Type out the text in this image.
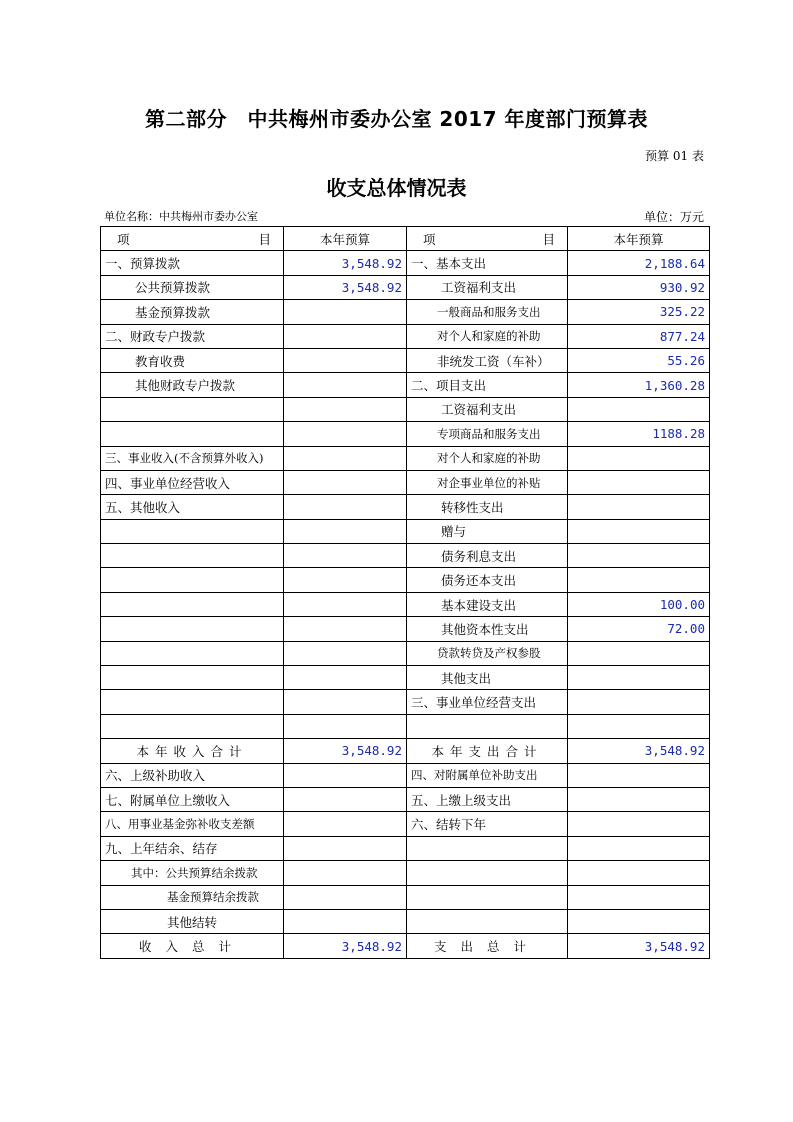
第二部分　中共梅州市委办公室 2017 年度部门预算表
预算 01 表
收支总体情况表
单位名称：中共梅州市委办公室	单位：万元
项 目	本年预算	项 目	本年预算
一、预算拨款	3,548.92	一、基本支出	2,188.64
公共预算拨款	3,548.92	工资福利支出	930.92
基金预算拨款		一般商品和服务支出	325.22
二、财政专户拨款		对个人和家庭的补助	877.24
教育收费		非统发工资（车补）	55.26
其他财政专户拨款		二、项目支出	1,360.28
		工资福利支出	
		专项商品和服务支出	1188.28
三、事业收入(不含预算外收入)		对个人和家庭的补助	
四、事业单位经营收入		对企事业单位的补贴	
五、其他收入		转移性支出	
		赠与	
		债务利息支出	
		债务还本支出	
		基本建设支出	100.00
		其他资本性支出	72.00
		贷款转贷及产权参股	
		其他支出	
		三、事业单位经营支出	

本年收入合计	3,548.92	本年支出合计	3,548.92
六、上级补助收入		四、对附属单位补助支出	
七、附属单位上缴收入		五、上缴上级支出	
八、用事业基金弥补收支差额		六、结转下年	
九、上年结余、结存			
其中：公共预算结余拨款			
基金预算结余拨款			
其他结转			
收入总计	3,548.92	支出总计	3,548.92
